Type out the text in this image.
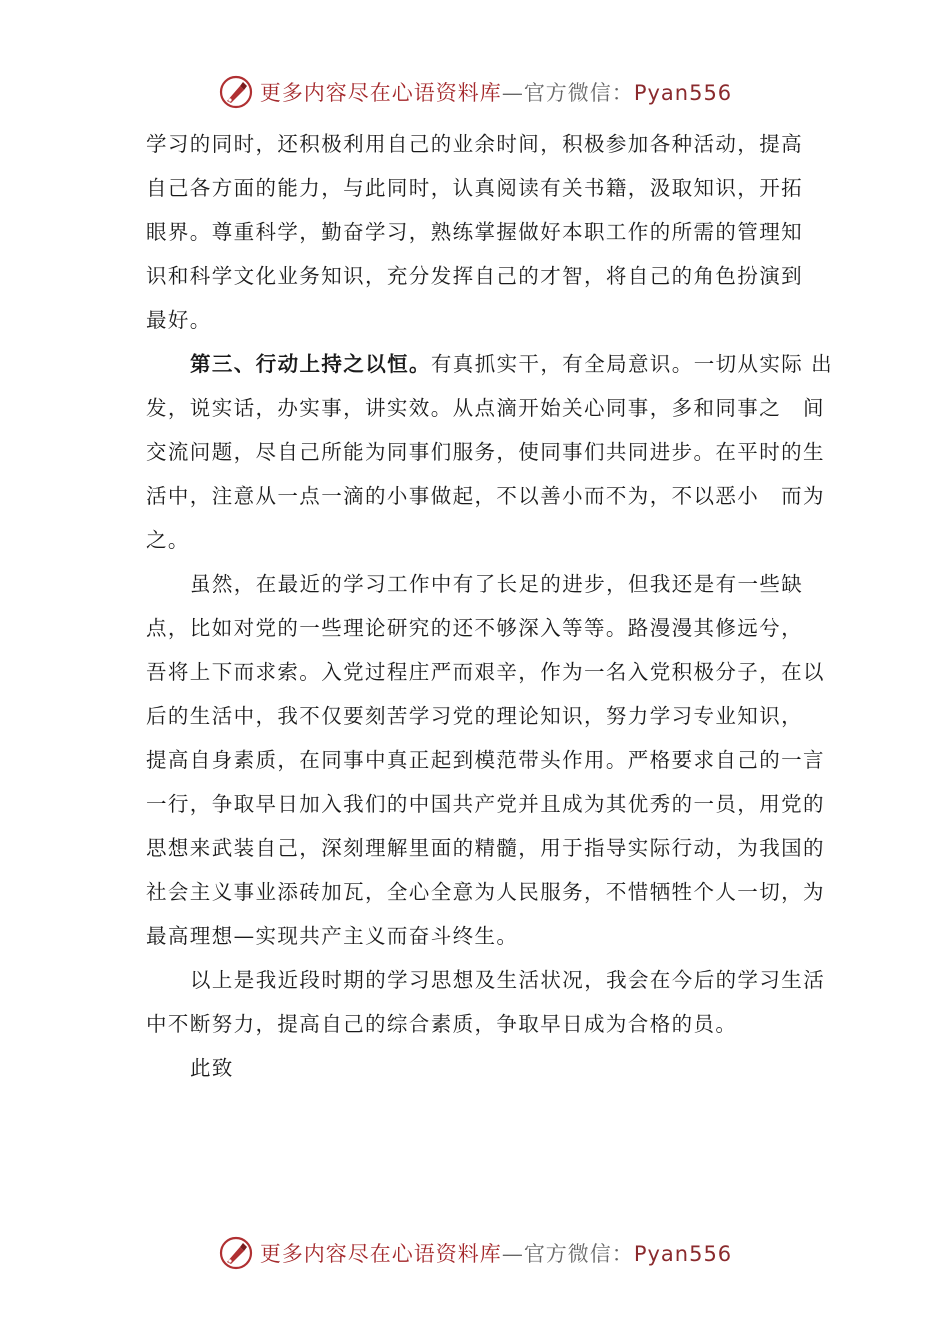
更多内容尽在心语资料库—官方微信：Pyan556

学习的同时，还积极利用自己的业余时间，积极参加各种活动，提高　自己各方面的能力，与此同时，认真阅读有关书籍，汲取知识，开拓　眼界。尊重科学，勤奋学习，熟练掌握做好本职工作的所需的管理知　识和科学文化业务知识，充分发挥自己的才智，将自己的角色扮演到　最好。

第三、行动上持之以恒。有真抓实干，有全局意识。一切从实际 出发，说实话，办实事，讲实效。从点滴开始关心同事，多和同事之　间交流问题，尽自己所能为同事们服务，使同事们共同进步。在平时的生活中，注意从一点一滴的小事做起，不以善小而不为，不以恶小　而为之。

虽然，在最近的学习工作中有了长足的进步，但我还是有一些缺点，比如对党的一些理论研究的还不够深入等等。路漫漫其修远兮，　吾将上下而求索。入党过程庄严而艰辛，作为一名入党积极分子，在以后的生活中，我不仅要刻苦学习党的理论知识，努力学习专业知识，　提高自身素质，在同事中真正起到模范带头作用。严格要求自己的一言一行，争取早日加入我们的中国共产党并且成为其优秀的一员，用党的思想来武装自己，深刻理解里面的精髓，用于指导实际行动，为我国的社会主义事业添砖加瓦，全心全意为人民服务，不惜牺牲个人一切，为最高理想—实现共产主义而奋斗终生。

以上是我近段时期的学习思想及生活状况，我会在今后的学习生活中不断努力，提高自己的综合素质，争取早日成为合格的员。

此致

更多内容尽在心语资料库—官方微信：Pyan556
